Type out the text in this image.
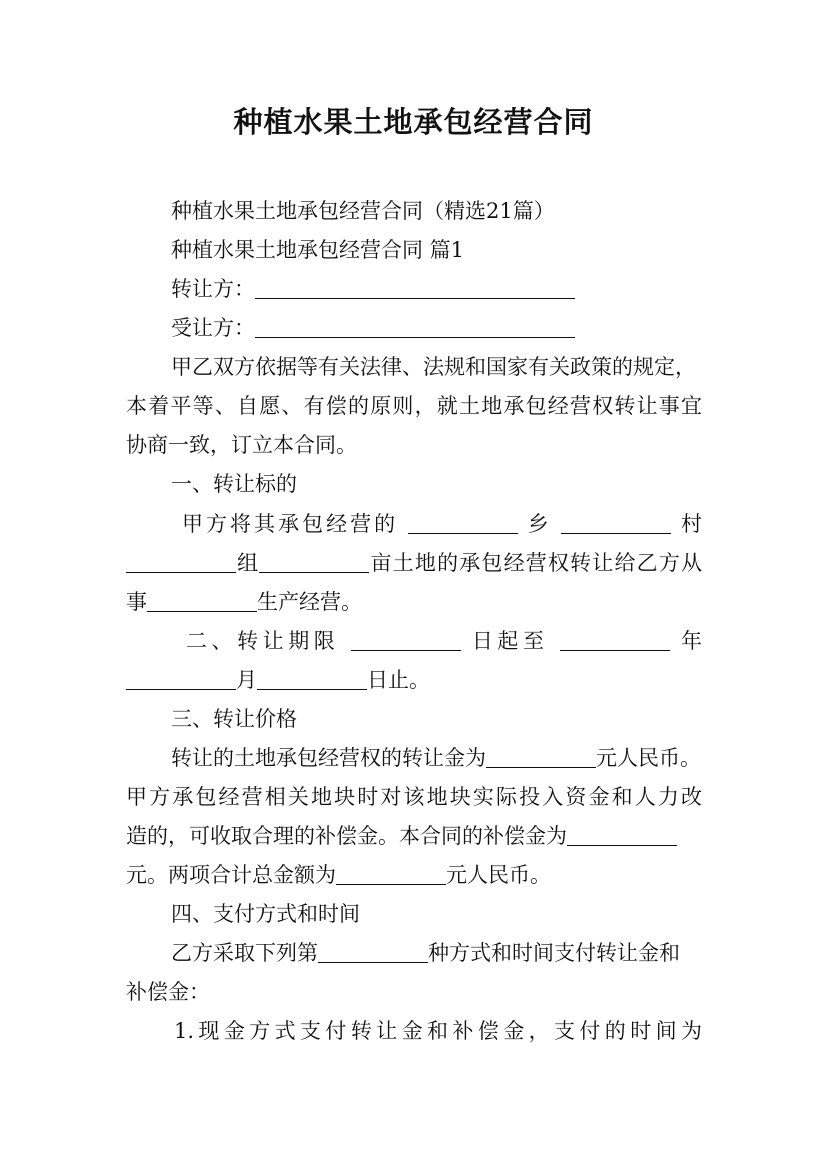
种植水果土地承包经营合同
种植水果土地承包经营合同（精选21篇）
种植水果土地承包经营合同 篇1
转让方：
受让方：
甲乙双方依据等有关法律、法规和国家有关政策的规定，
本着平等、自愿、有偿的原则，就土地承包经营权转让事宜
协商一致，订立本合同。
一、转让标的
甲方将其承包经营的	乡	村
组	亩土地的承包经营权转让给乙方从
事	生产经营。
二、转让期限	日起至	年
月	日止。
三、转让价格
转让的土地承包经营权的转让金为	元人民币。
甲方承包经营相关地块时对该地块实际投入资金和人力改
造的，可收取合理的补偿金。本合同的补偿金为
元。两项合计总金额为	元人民币。
四、支付方式和时间
乙方采取下列第	种方式和时间支付转让金和
补偿金：
1.现金方式支付转让金和补偿金，支付的时间为
